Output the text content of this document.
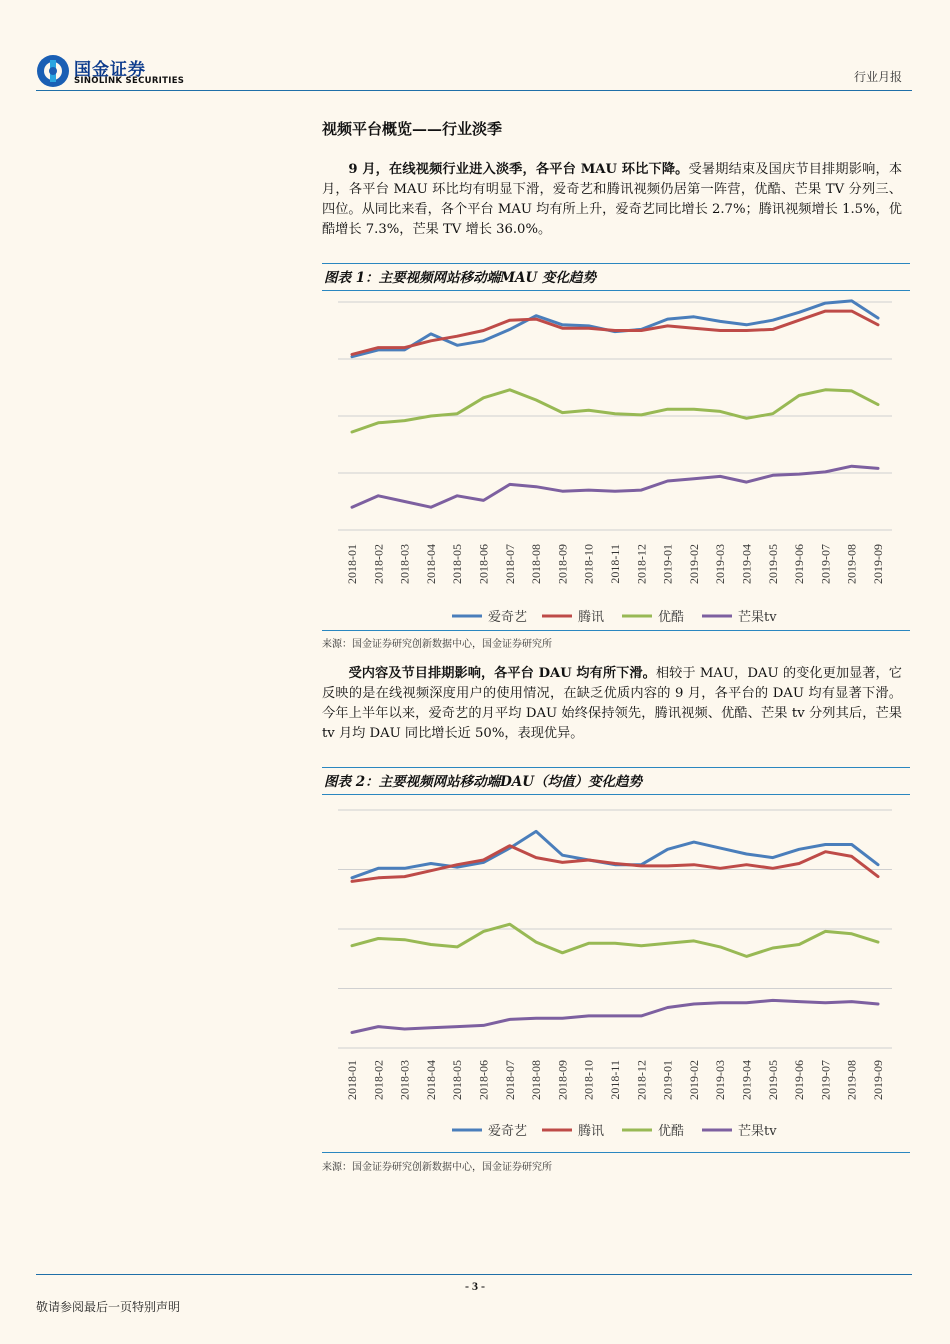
国金证券
SINOLINK SECURITIES	行业月报
视频平台概览——行业淡季
9 月，在线视频行业进入淡季，各平台 MAU 环比下降。受暑期结束及国庆节目排期影响，本月，各平台 MAU 环比均有明显下滑，爱奇艺和腾讯视频仍居第一阵营，优酷、芒果 TV 分列三、四位。从同比来看，各个平台 MAU 均有所上升，爱奇艺同比增长 2.7%；腾讯视频增长 1.5%，优酷增长 7.3%，芒果 TV 增长 36.0%。
图表 1：主要视频网站移动端MAU 变化趋势
2018-01 2018-02 2018-03 2018-04 2018-05 2018-06 2018-07 2018-08 2018-09 2018-10 2018-11 2018-12 2019-01 2019-02 2019-03 2019-04 2019-05 2019-06 2019-07 2019-08 2019-09
爱奇艺	腾讯	优酷	芒果tv
来源：国金证券研究创新数据中心，国金证券研究所
受内容及节目排期影响，各平台 DAU 均有所下滑。相较于 MAU，DAU 的变化更加显著，它反映的是在线视频深度用户的使用情况，在缺乏优质内容的 9 月，各平台的 DAU 均有显著下滑。今年上半年以来，爱奇艺的月平均 DAU 始终保持领先，腾讯视频、优酷、芒果 tv 分列其后，芒果 tv 月均 DAU 同比增长近 50%，表现优异。
图表 2：主要视频网站移动端DAU（均值）变化趋势
2018-01 2018-02 2018-03 2018-04 2018-05 2018-06 2018-07 2018-08 2018-09 2018-10 2018-11 2018-12 2019-01 2019-02 2019-03 2019-04 2019-05 2019-06 2019-07 2019-08 2019-09
爱奇艺	腾讯	优酷	芒果tv
来源：国金证券研究创新数据中心，国金证券研究所
- 3 -
敬请参阅最后一页特别声明
